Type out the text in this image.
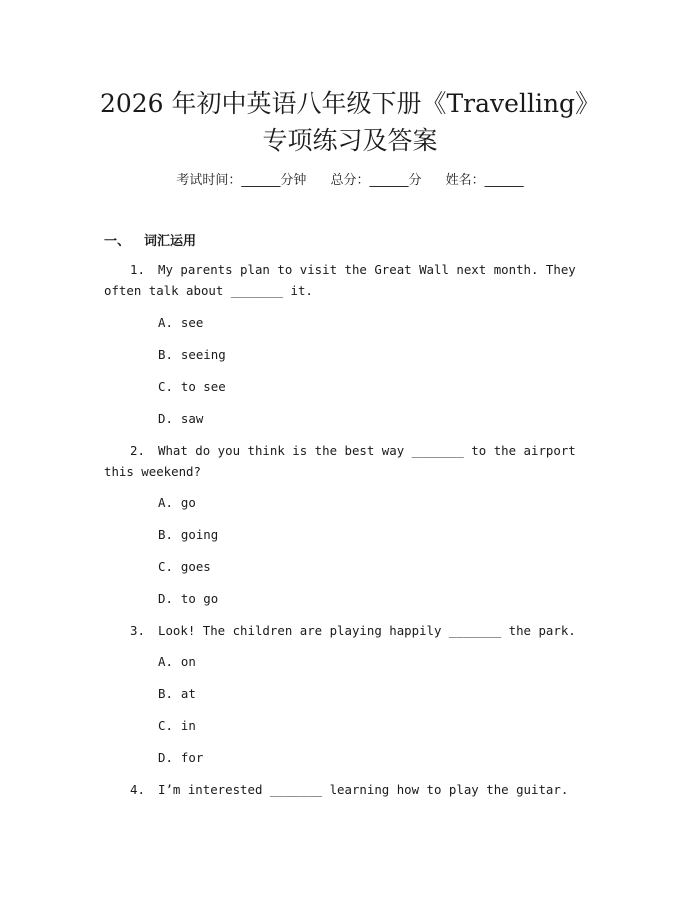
2026 年初中英语八年级下册《Travelling》
专项练习及答案
考试时间：______分钟 总分：______分 姓名：______
一、 词汇运用
1. My parents plan to visit the Great Wall next month. They often talk about _______ it.
A. see
B. seeing
C. to see
D. saw
2. What do you think is the best way _______ to the airport this weekend?
A. go
B. going
C. goes
D. to go
3. Look! The children are playing happily _______ the park.
A. on
B. at
C. in
D. for
4. I’m interested _______ learning how to play the guitar.
